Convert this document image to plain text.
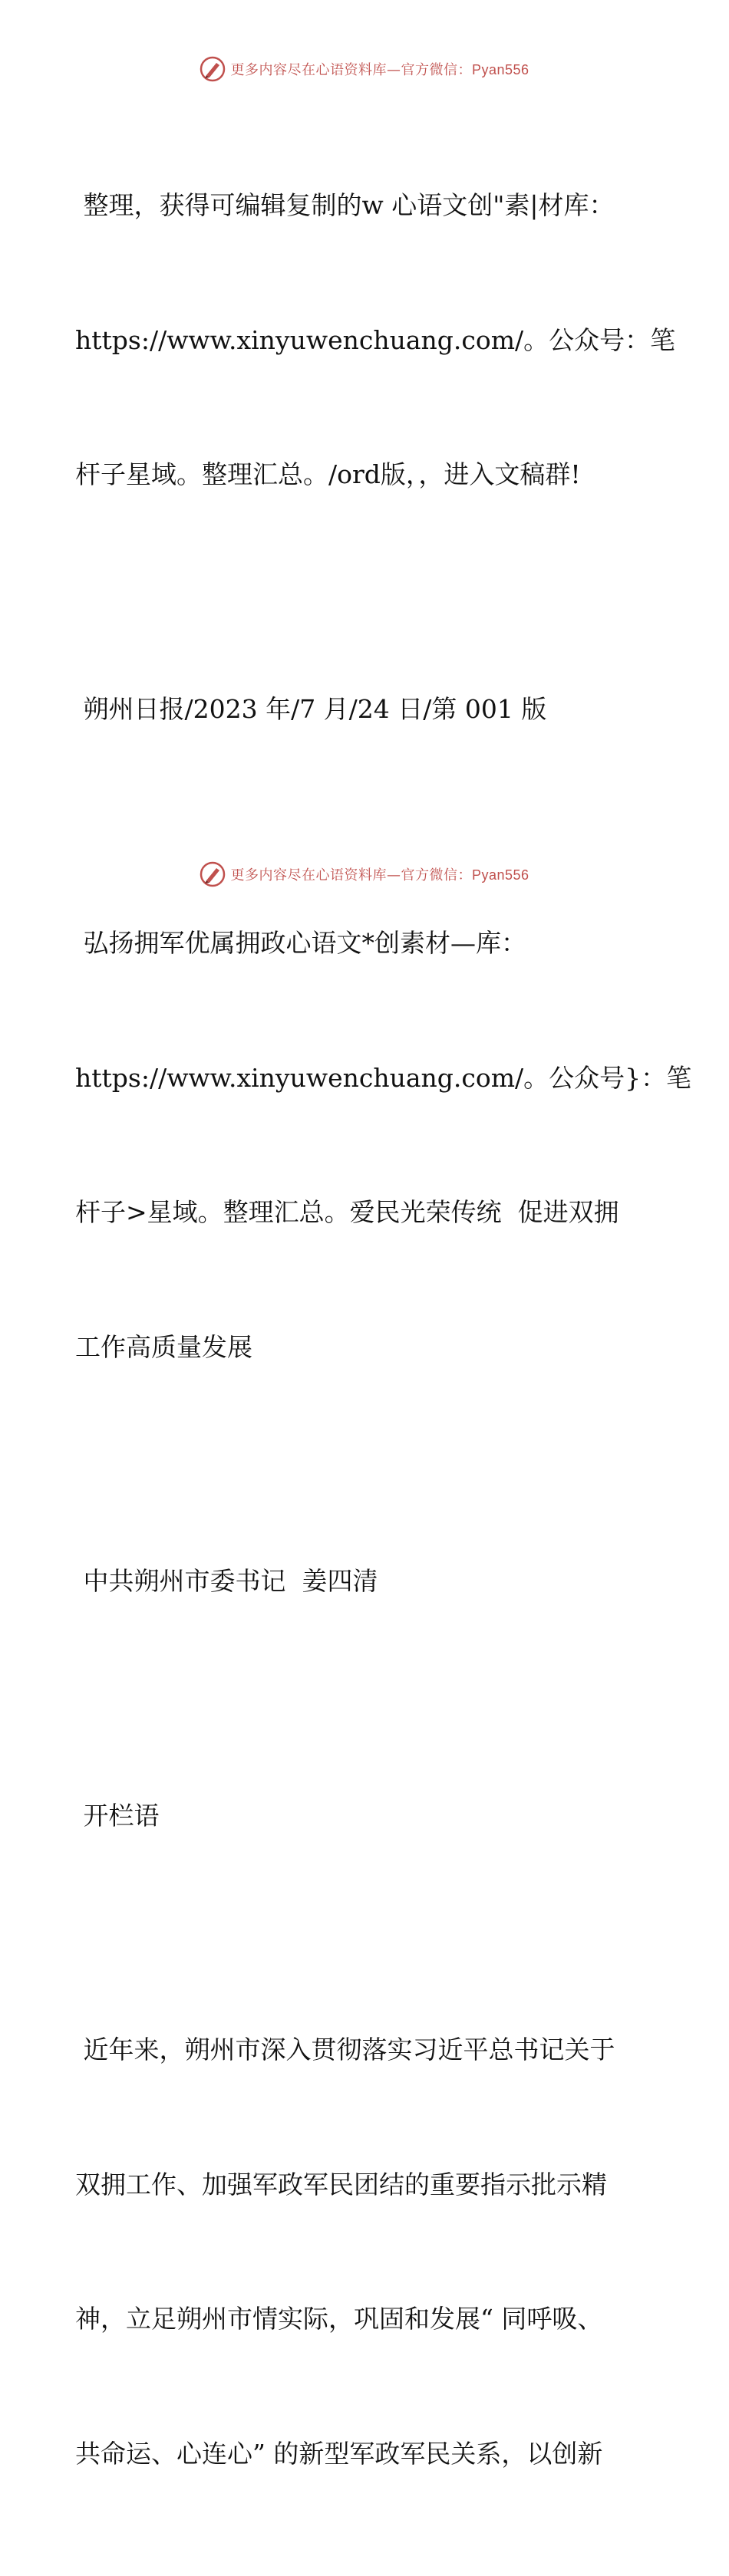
更多内容尽在心语资料库—官方微信：Pyan556

整理，获得可编辑复制的w 心语文创"素|材库：

https://www.xinyuwenchuang.com/。公众号：笔

杆子星域。整理汇总。/ord版，，进入文稿群!

朔州日报/2023 年/7 月/24 日/第 001 版

弘扬拥军优属拥政心语文*创素材—库：

https://www.xinyuwenchuang.com/。公众号}：笔

杆子>星域。整理汇总。爱民光荣传统  促进双拥

工作高质量发展

中共朔州市委书记  姜四清

开栏语

近年来，朔州市深入贯彻落实习近平总书记关于

双拥工作、加强军政军民团结的重要指示批示精

神，立足朔州市情实际，巩固和发展“ 同呼吸、

共命运、心连心” 的新型军政军民关系，以创新

更多内容尽在心语资料库—官方微信：Pyan556
